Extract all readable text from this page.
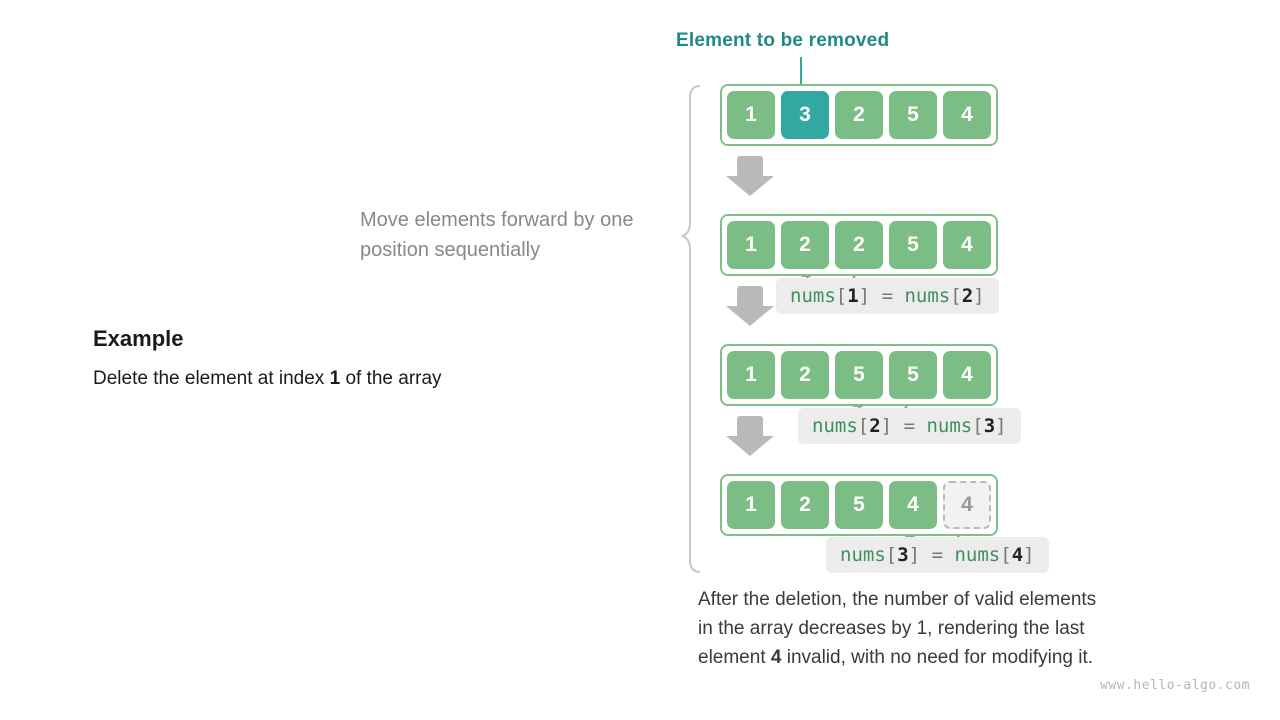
Element to be removed
Move elements forward by one position sequentially
Example
Delete the element at index 1 of the array
1	3	2	5	4
1	2	2	5	4
1	2	5	5	4
1	2	5	4	4
nums[1] = nums[2]
nums[2] = nums[3]
nums[3] = nums[4]
After the deletion, the number of valid elements
in the array decreases by 1, rendering the last
element 4 invalid, with no need for modifying it.
www.hello-algo.com
